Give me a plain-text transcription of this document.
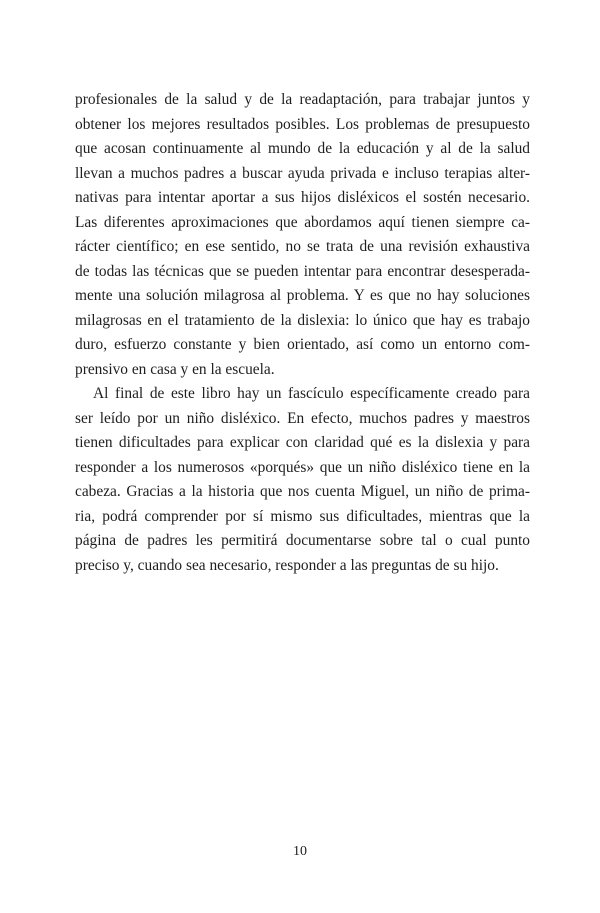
profesionales de la salud y de la readaptación, para trabajar juntos y
obtener los mejores resultados posibles. Los problemas de presupuesto
que acosan continuamente al mundo de la educación y al de la salud
llevan a muchos padres a buscar ayuda privada e incluso terapias alter-
nativas para intentar aportar a sus hijos disléxicos el sostén necesario.
Las diferentes aproximaciones que abordamos aquí tienen siempre ca-
rácter científico; en ese sentido, no se trata de una revisión exhaustiva
de todas las técnicas que se pueden intentar para encontrar desesperada-
mente una solución milagrosa al problema. Y es que no hay soluciones
milagrosas en el tratamiento de la dislexia: lo único que hay es trabajo
duro, esfuerzo constante y bien orientado, así como un entorno com-
prensivo en casa y en la escuela.
Al final de este libro hay un fascículo específicamente creado para
ser leído por un niño disléxico. En efecto, muchos padres y maestros
tienen dificultades para explicar con claridad qué es la dislexia y para
responder a los numerosos «porqués» que un niño disléxico tiene en la
cabeza. Gracias a la historia que nos cuenta Miguel, un niño de prima-
ria, podrá comprender por sí mismo sus dificultades, mientras que la
página de padres les permitirá documentarse sobre tal o cual punto
preciso y, cuando sea necesario, responder a las preguntas de su hijo.
10
